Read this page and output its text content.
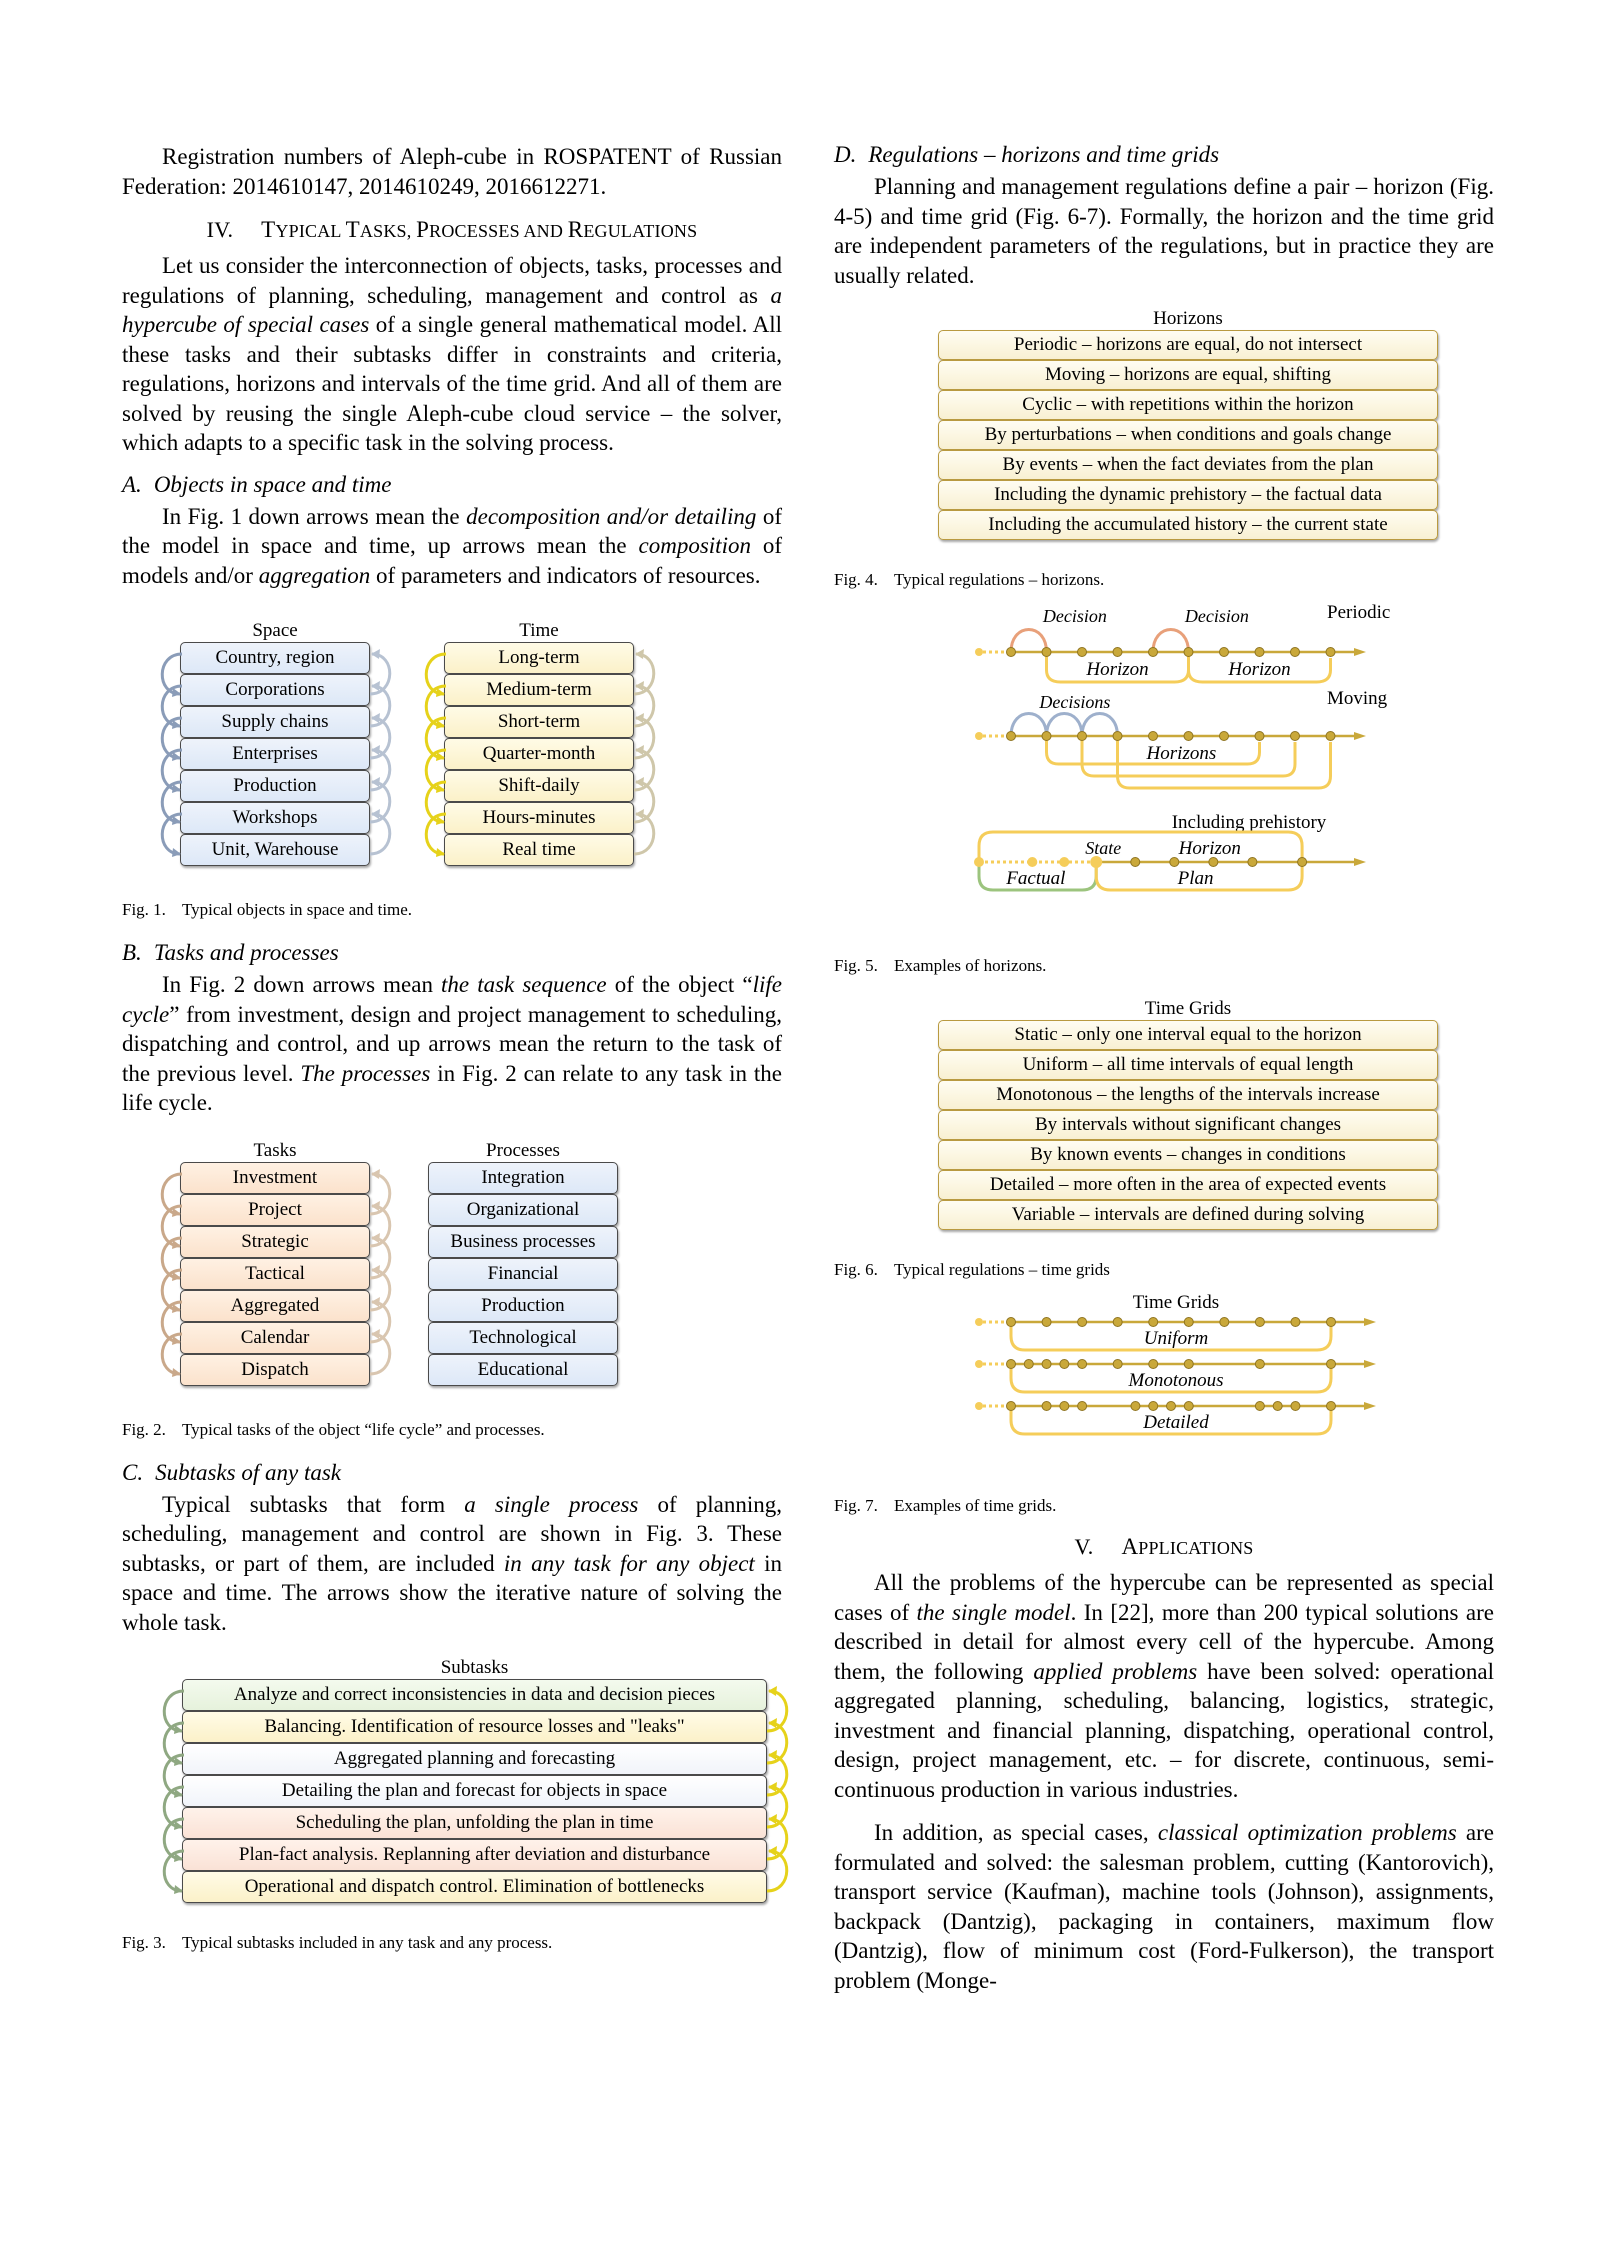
Registration numbers of Aleph-cube in ROSPATENT of Russian Federation: 2014610147, 2014610249, 2016612271.

IV. TYPICAL TASKS, PROCESSES AND REGULATIONS

Let us consider the interconnection of objects, tasks, processes and regulations of planning, scheduling, management and control as a hypercube of special cases of a single general mathematical model. All these tasks and their subtasks differ in constraints and criteria, regulations, horizons and intervals of the time grid. And all of them are solved by reusing the single Aleph-cube cloud service – the solver, which adapts to a specific task in the solving process.

A. Objects in space and time

In Fig. 1 down arrows mean the decomposition and/or detailing of the model in space and time, up arrows mean the composition of models and/or aggregation of parameters and indicators of resources.

Space
Country, region
Corporations
Supply chains
Enterprises
Production
Workshops
Unit, Warehouse
Time
Long-term
Medium-term
Short-term
Quarter-month
Shift-daily
Hours-minutes
Real time

Fig. 1. Typical objects in space and time.

B. Tasks and processes

In Fig. 2 down arrows mean the task sequence of the object “life cycle” from investment, design and project management to scheduling, dispatching and control, and up arrows mean the return to the task of the previous level. The processes in Fig. 2 can relate to any task in the life cycle.

Tasks
Investment
Project
Strategic
Tactical
Aggregated
Calendar
Dispatch
Processes
Integration
Organizational
Business processes
Financial
Production
Technological
Educational

Fig. 2. Typical tasks of the object “life cycle” and processes.

C. Subtasks of any task

Typical subtasks that form a single process of planning, scheduling, management and control are shown in Fig. 3. These subtasks, or part of them, are included in any task for any object in space and time. The arrows show the iterative nature of solving the whole task.

Subtasks
Analyze and correct inconsistencies in data and decision pieces
Balancing. Identification of resource losses and "leaks"
Aggregated planning and forecasting
Detailing the plan and forecast for objects in space
Scheduling the plan, unfolding the plan in time
Plan-fact analysis. Replanning after deviation and disturbance
Operational and dispatch control. Elimination of bottlenecks

Fig. 3. Typical subtasks included in any task and any process.

D. Regulations – horizons and time grids

Planning and management regulations define a pair – horizon (Fig. 4-5) and time grid (Fig. 6-7). Formally, the horizon and the time grid are independent parameters of the regulations, but in practice they are usually related.

Horizons
Periodic – horizons are equal, do not intersect
Moving – horizons are equal, shifting
Cyclic – with repetitions within the horizon
By perturbations – when conditions and goals change
By events – when the fact deviates from the plan
Including the dynamic prehistory – the factual data
Including the accumulated history – the current state

Fig. 4. Typical regulations – horizons.

Decision	Decision	Periodic
Horizon	Horizon
Decisions	Moving
Horizons
Including prehistory
State	Horizon
Factual	Plan

Fig. 5. Examples of horizons.

Time Grids
Static – only one interval equal to the horizon
Uniform – all time intervals of equal length
Monotonous – the lengths of the intervals increase
By intervals without significant changes
By known events – changes in conditions
Detailed – more often in the area of expected events
Variable – intervals are defined during solving

Fig. 6. Typical regulations – time grids

Time Grids
Uniform
Monotonous
Detailed

Fig. 7. Examples of time grids.

V. APPLICATIONS

All the problems of the hypercube can be represented as special cases of the single model. In [22], more than 200 typical solutions are described in detail for almost every cell of the hypercube. Among them, the following applied problems have been solved: operational aggregated planning, scheduling, balancing, logistics, strategic, investment and financial planning, dispatching, operational control, design, project management, etc. – for discrete, continuous, semi-continuous production in various industries.

In addition, as special cases, classical optimization problems are formulated and solved: the salesman problem, cutting (Kantorovich), transport service (Kaufman), machine tools (Johnson), assignments, backpack (Dantzig), packaging in containers, maximum flow (Dantzig), flow of minimum cost (Ford-Fulkerson), the transport problem (Monge-
